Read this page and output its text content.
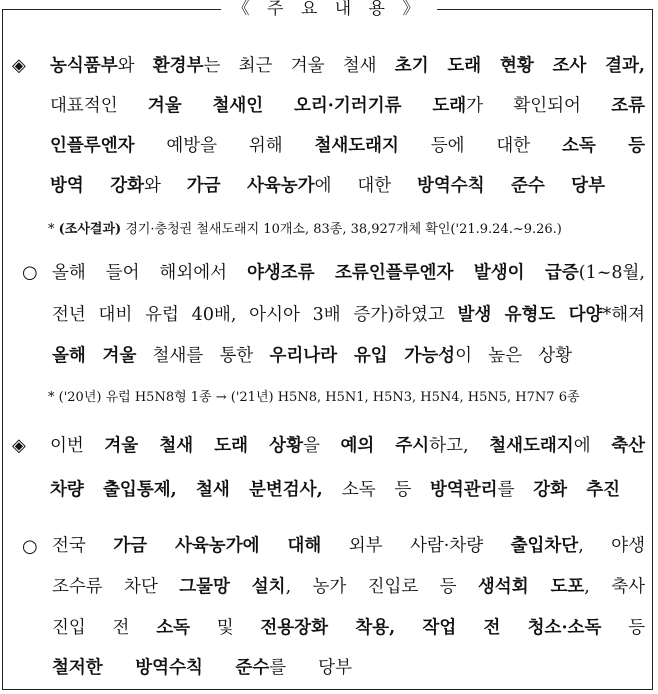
《 주 요 내 용 》
◈ 농식품부와 환경부는 최근 겨울 철새 초기 도래 현황 조사 결과,
대표적인 겨울 철새인 오리·기러기류 도래가 확인되어 조류
인플루엔자 예방을 위해 철새도래지 등에 대한 소독 등
방역 강화와 가금 사육농가에 대한 방역수칙 준수 당부
* (조사결과) 경기·충청권 철새도래지 10개소, 83종, 38,927개체 확인('21.9.24.~9.26.)
○ 올해 들어 해외에서 야생조류 조류인플루엔자 발생이 급증(1~8월,
전년 대비 유럽 40배, 아시아 3배 증가)하였고 발생 유형도 다양*해져
올해 겨울 철새를 통한 우리나라 유입 가능성이 높은 상황
* ('20년) 유럽 H5N8형 1종 → ('21년) H5N8, H5N1, H5N3, H5N4, H5N5, H7N7 6종
◈ 이번 겨울 철새 도래 상황을 예의 주시하고, 철새도래지에 축산
차량 출입통제, 철새 분변검사, 소독 등 방역관리를 강화 추진
○ 전국 가금 사육농가에 대해 외부 사람·차량 출입차단, 야생
조수류 차단 그물망 설치, 농가 진입로 등 생석회 도포, 축사
진입 전 소독 및 전용장화 착용, 작업 전 청소·소독 등
철저한 방역수칙 준수를 당부
